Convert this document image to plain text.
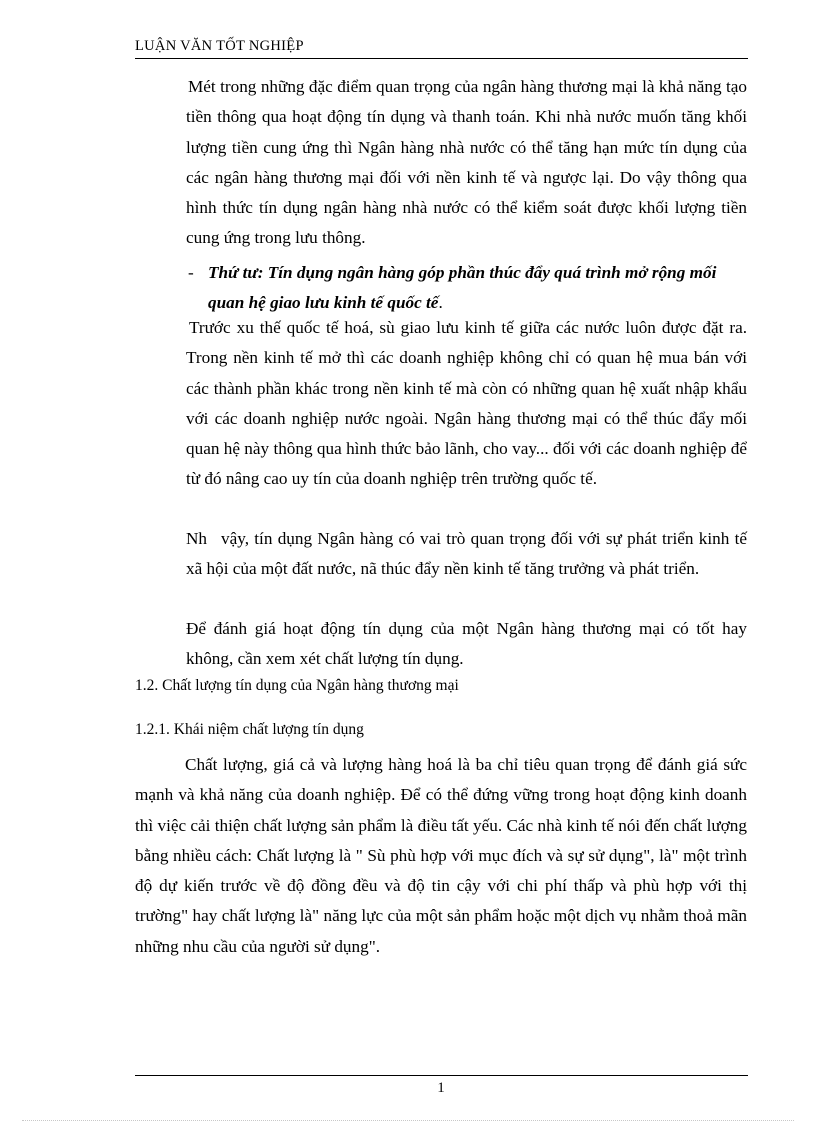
LUẬN VĂN TỐT NGHIỆP

Mét trong những đặc điểm quan trọng của ngân hàng thương mại là khả năng tạo tiền thông qua hoạt động tín dụng và thanh toán. Khi nhà nước muốn tăng khối lượng tiền cung ứng thì Ngân hàng nhà nước có thể tăng hạn mức tín dụng của các ngân hàng thương mại đối với nền kinh tế và ngược lại. Do vậy thông qua hình thức tín dụng ngân hàng nhà nước có thể kiểm soát được khối lượng tiền cung ứng trong lưu thông.

- Thứ tư: Tín dụng ngân hàng góp phần thúc đẩy quá trình mở rộng mối quan hệ giao lưu kinh tế quốc tế.

Trước xu thế quốc tế hoá, sù giao lưu kinh tế giữa các nước luôn được đặt ra. Trong nền kinh tế mở thì các doanh nghiệp không chỉ có quan hệ mua bán với các thành phần khác trong nền kinh tế mà còn có những quan hệ xuất nhập khẩu với các doanh nghiệp nước ngoài. Ngân hàng thương mại có thể thúc đẩy mối quan hệ này thông qua hình thức bảo lãnh, cho vay... đối với các doanh nghiệp để từ đó nâng cao uy tín của doanh nghiệp trên trường quốc tế.

Nh vậy, tín dụng Ngân hàng có vai trò quan trọng đối với sự phát triển kinh tế xã hội của một đất nước, nã thúc đẩy nền kinh tế tăng trưởng và phát triển.

Để đánh giá hoạt động tín dụng của một Ngân hàng thương mại có tốt hay không, cần xem xét chất lượng tín dụng.

1.2. Chất lượng tín dụng của Ngân hàng thương mại

1.2.1. Khái niệm chất lượng tín dụng

Chất lượng, giá cả và lượng hàng hoá là ba chỉ tiêu quan trọng để đánh giá sức mạnh và khả năng của doanh nghiệp. Để có thể đứng vững trong hoạt động kinh doanh thì việc cải thiện chất lượng sản phẩm là điều tất yếu. Các nhà kinh tế nói đến chất lượng bằng nhiều cách: Chất lượng là " Sù phù hợp với mục đích và sự sử dụng", là" một trình độ dự kiến trước về độ đồng đều và độ tin cậy với chi phí thấp và phù hợp với thị trường" hay chất lượng là" năng lực của một sản phẩm hoặc một dịch vụ nhằm thoả mãn những nhu cầu của người sử dụng".

1
